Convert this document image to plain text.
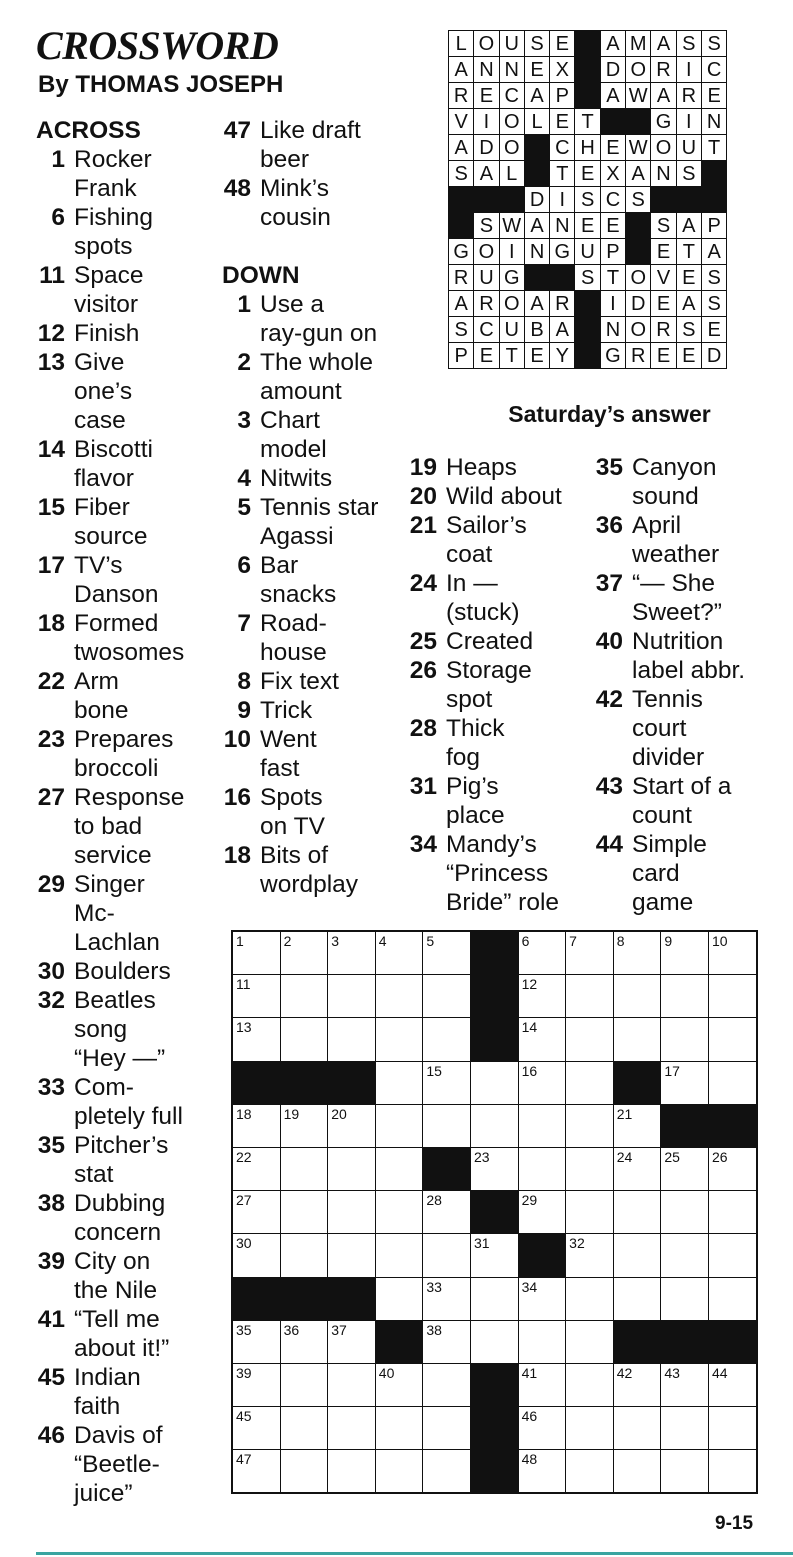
CROSSWORD
By THOMAS JOSEPH
ACROSS
1 Rocker
Frank
6 Fishing
spots
11 Space
visitor
12 Finish
13 Give
one’s
case
14 Biscotti
flavor
15 Fiber
source
17 TV’s
Danson
18 Formed
twosomes
22 Arm
bone
23 Prepares
broccoli
27 Response
to bad
service
29 Singer
Mc-
Lachlan
30 Boulders
32 Beatles
song
“Hey —”
33 Com-
pletely full
35 Pitcher’s
stat
38 Dubbing
concern
39 City on
the Nile
41 “Tell me
about it!”
45 Indian
faith
46 Davis of
“Beetle-
juice”
47 Like draft
beer
48 Mink’s
cousin
DOWN
1 Use a
ray-gun on
2 The whole
amount
3 Chart
model
4 Nitwits
5 Tennis star
Agassi
6 Bar
snacks
7 Road-
house
8 Fix text
9 Trick
10 Went
fast
16 Spots
on TV
18 Bits of
wordplay
19 Heaps
20 Wild about
21 Sailor’s
coat
24 In —
(stuck)
25 Created
26 Storage
spot
28 Thick
fog
31 Pig’s
place
34 Mandy’s
“Princess
Bride” role
35 Canyon
sound
36 April
weather
37 “— She
Sweet?”
40 Nutrition
label abbr.
42 Tennis
court
divider
43 Start of a
count
44 Simple
card
game
L	O	U	S	E		A	M	A	S	S
A	N	N	E	X		D	O	R	I	C
R	E	C	A	P		A	W	A	R	E
V	I	O	L	E	T			G	I	N
A	D	O		C	H	E	W	O	U	T
S	A	L		T	E	X	A	N	S	
			D	I	S	C	S			
	S	W	A	N	E	E		S	A	P
G	O	I	N	G	U	P		E	T	A
R	U	G			S	T	O	V	E	S
A	R	O	A	R		I	D	E	A	S
S	C	U	B	A		N	O	R	S	E
P	E	T	E	Y		G	R	E	E	D
Saturday’s answer
1	2	3	4	5		6	7	8	9	10

11						12				

13						14				

				15		16			17	

18	19	20						21		

22					23			24	25	26

27				28		29				

30					31		32			

				33		34				

35	36	37		38						

39			40			41		42	43	44

45						46				

47						48				

9-15
